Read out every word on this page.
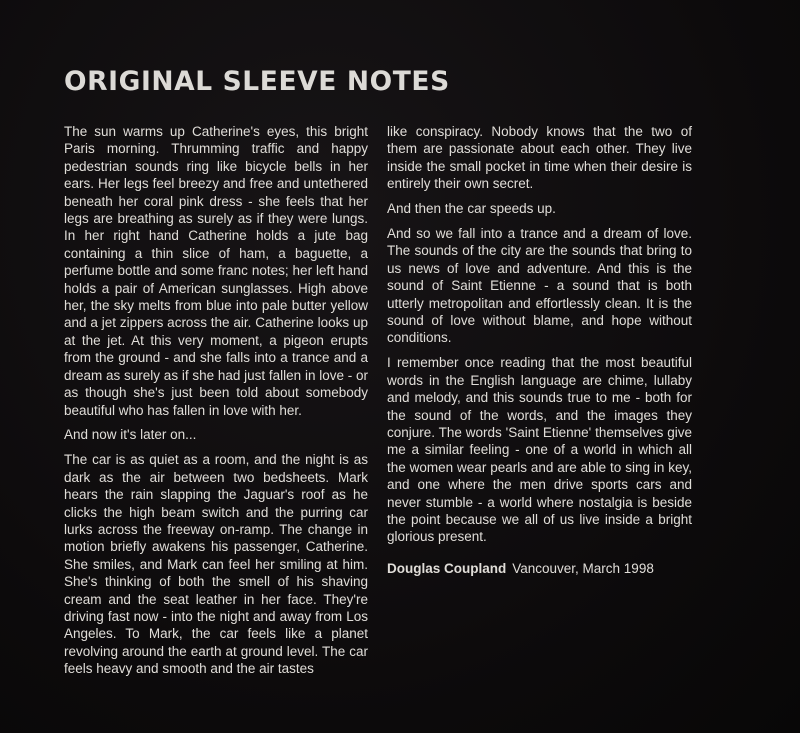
ORIGINAL SLEEVE NOTES

The sun warms up Catherine's eyes, this bright Paris morning. Thrumming traffic and happy pedestrian sounds ring like bicycle bells in her ears. Her legs feel breezy and free and untethered beneath her coral pink dress - she feels that her legs are breathing as surely as if they were lungs. In her right hand Catherine holds a jute bag containing a thin slice of ham, a baguette, a perfume bottle and some franc notes; her left hand holds a pair of American sunglasses. High above her, the sky melts from blue into pale butter yellow and a jet zippers across the air. Catherine looks up at the jet. At this very moment, a pigeon erupts from the ground - and she falls into a trance and a dream as surely as if she had just fallen in love - or as though she's just been told about somebody beautiful who has fallen in love with her.

And now it's later on...

The car is as quiet as a room, and the night is as dark as the air between two bedsheets. Mark hears the rain slapping the Jaguar's roof as he clicks the high beam switch and the purring car lurks across the freeway on-ramp. The change in motion briefly awakens his passenger, Catherine. She smiles, and Mark can feel her smiling at him. She's thinking of both the smell of his shaving cream and the seat leather in her face. They're driving fast now - into the night and away from Los Angeles. To Mark, the car feels like a planet revolving around the earth at ground level. The car feels heavy and smooth and the air tastes

like conspiracy. Nobody knows that the two of them are passionate about each other. They live inside the small pocket in time when their desire is entirely their own secret.

And then the car speeds up.

And so we fall into a trance and a dream of love. The sounds of the city are the sounds that bring to us news of love and adventure. And this is the sound of Saint Etienne - a sound that is both utterly metropolitan and effortlessly clean. It is the sound of love without blame, and hope without conditions.

I remember once reading that the most beautiful words in the English language are chime, lullaby and melody, and this sounds true to me - both for the sound of the words, and the images they conjure. The words 'Saint Etienne' themselves give me a similar feeling - one of a world in which all the women wear pearls and are able to sing in key, and one where the men drive sports cars and never stumble - a world where nostalgia is beside the point because we all of us live inside a bright glorious present.

Douglas Coupland Vancouver, March 1998
